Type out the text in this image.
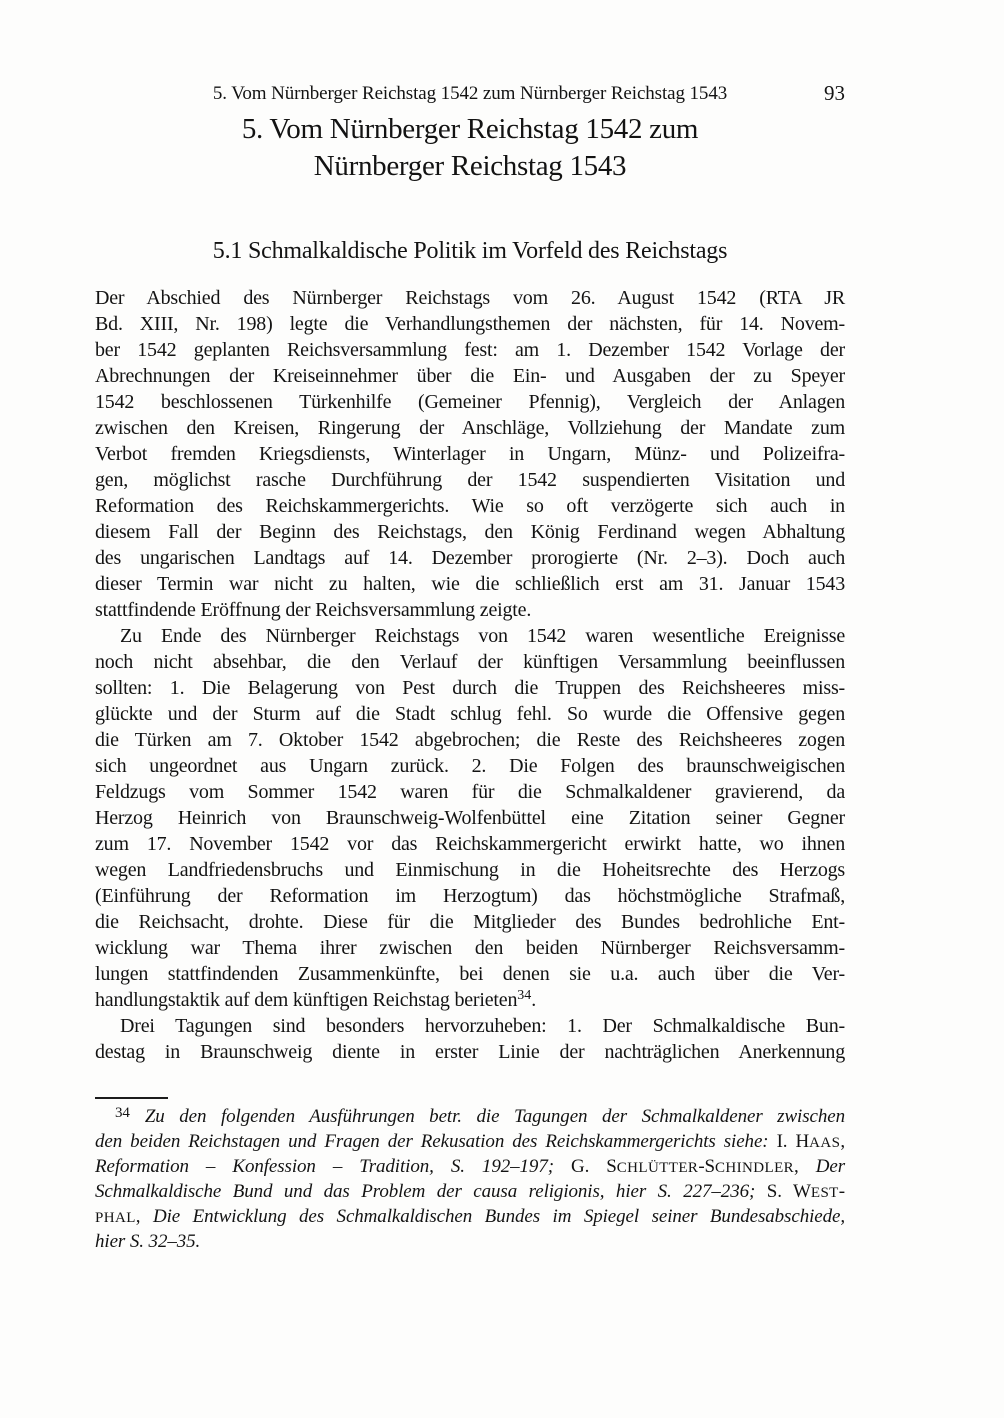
5. Vom Nürnberger Reichstag 1542 zum Nürnberger Reichstag 1543	93
5. Vom Nürnberger Reichstag 1542 zum
Nürnberger Reichstag 1543
5.1 Schmalkaldische Politik im Vorfeld des Reichstags
Der Abschied des Nürnberger Reichstags vom 26. August 1542 (RTA JR
Bd. XIII, Nr. 198) legte die Verhandlungsthemen der nächsten, für 14. Novem-
ber 1542 geplanten Reichsversammlung fest: am 1. Dezember 1542 Vorlage der
Abrechnungen der Kreiseinnehmer über die Ein- und Ausgaben der zu Speyer
1542 beschlossenen Türkenhilfe (Gemeiner Pfennig), Vergleich der Anlagen
zwischen den Kreisen, Ringerung der Anschläge, Vollziehung der Mandate zum
Verbot fremden Kriegsdiensts, Winterlager in Ungarn, Münz- und Polizeifra-
gen, möglichst rasche Durchführung der 1542 suspendierten Visitation und
Reformation des Reichskammergerichts. Wie so oft verzögerte sich auch in
diesem Fall der Beginn des Reichstags, den König Ferdinand wegen Abhaltung
des ungarischen Landtags auf 14. Dezember prorogierte (Nr. 2–3). Doch auch
dieser Termin war nicht zu halten, wie die schließlich erst am 31. Januar 1543
stattfindende Eröffnung der Reichsversammlung zeigte.
Zu Ende des Nürnberger Reichstags von 1542 waren wesentliche Ereignisse
noch nicht absehbar, die den Verlauf der künftigen Versammlung beeinflussen
sollten: 1. Die Belagerung von Pest durch die Truppen des Reichsheeres miss-
glückte und der Sturm auf die Stadt schlug fehl. So wurde die Offensive gegen
die Türken am 7. Oktober 1542 abgebrochen; die Reste des Reichsheeres zogen
sich ungeordnet aus Ungarn zurück. 2. Die Folgen des braunschweigischen
Feldzugs vom Sommer 1542 waren für die Schmalkaldener gravierend, da
Herzog Heinrich von Braunschweig-Wolfenbüttel eine Zitation seiner Gegner
zum 17. November 1542 vor das Reichskammergericht erwirkt hatte, wo ihnen
wegen Landfriedensbruchs und Einmischung in die Hoheitsrechte des Herzogs
(Einführung der Reformation im Herzogtum) das höchstmögliche Strafmaß,
die Reichsacht, drohte. Diese für die Mitglieder des Bundes bedrohliche Ent-
wicklung war Thema ihrer zwischen den beiden Nürnberger Reichsversamm-
lungen stattfindenden Zusammenkünfte, bei denen sie u.a. auch über die Ver-
handlungstaktik auf dem künftigen Reichstag berieten$^{34}$.
Drei Tagungen sind besonders hervorzuheben: 1. Der Schmalkaldische Bun-
destag in Braunschweig diente in erster Linie der nachträglichen Anerkennung
$^{34}$ Zu den folgenden Ausführungen betr. die Tagungen der Schmalkaldener zwischen
den beiden Reichstagen und Fragen der Rekusation des Reichskammergerichts siehe: I. HAAS,
Reformation – Konfession – Tradition, S. 192–197; G. SCHLÜTTER-SCHINDLER, Der
Schmalkaldische Bund und das Problem der causa religionis, hier S. 227–236; S. WEST-
PHAL, Die Entwicklung des Schmalkaldischen Bundes im Spiegel seiner Bundesabschiede,
hier S. 32–35.
